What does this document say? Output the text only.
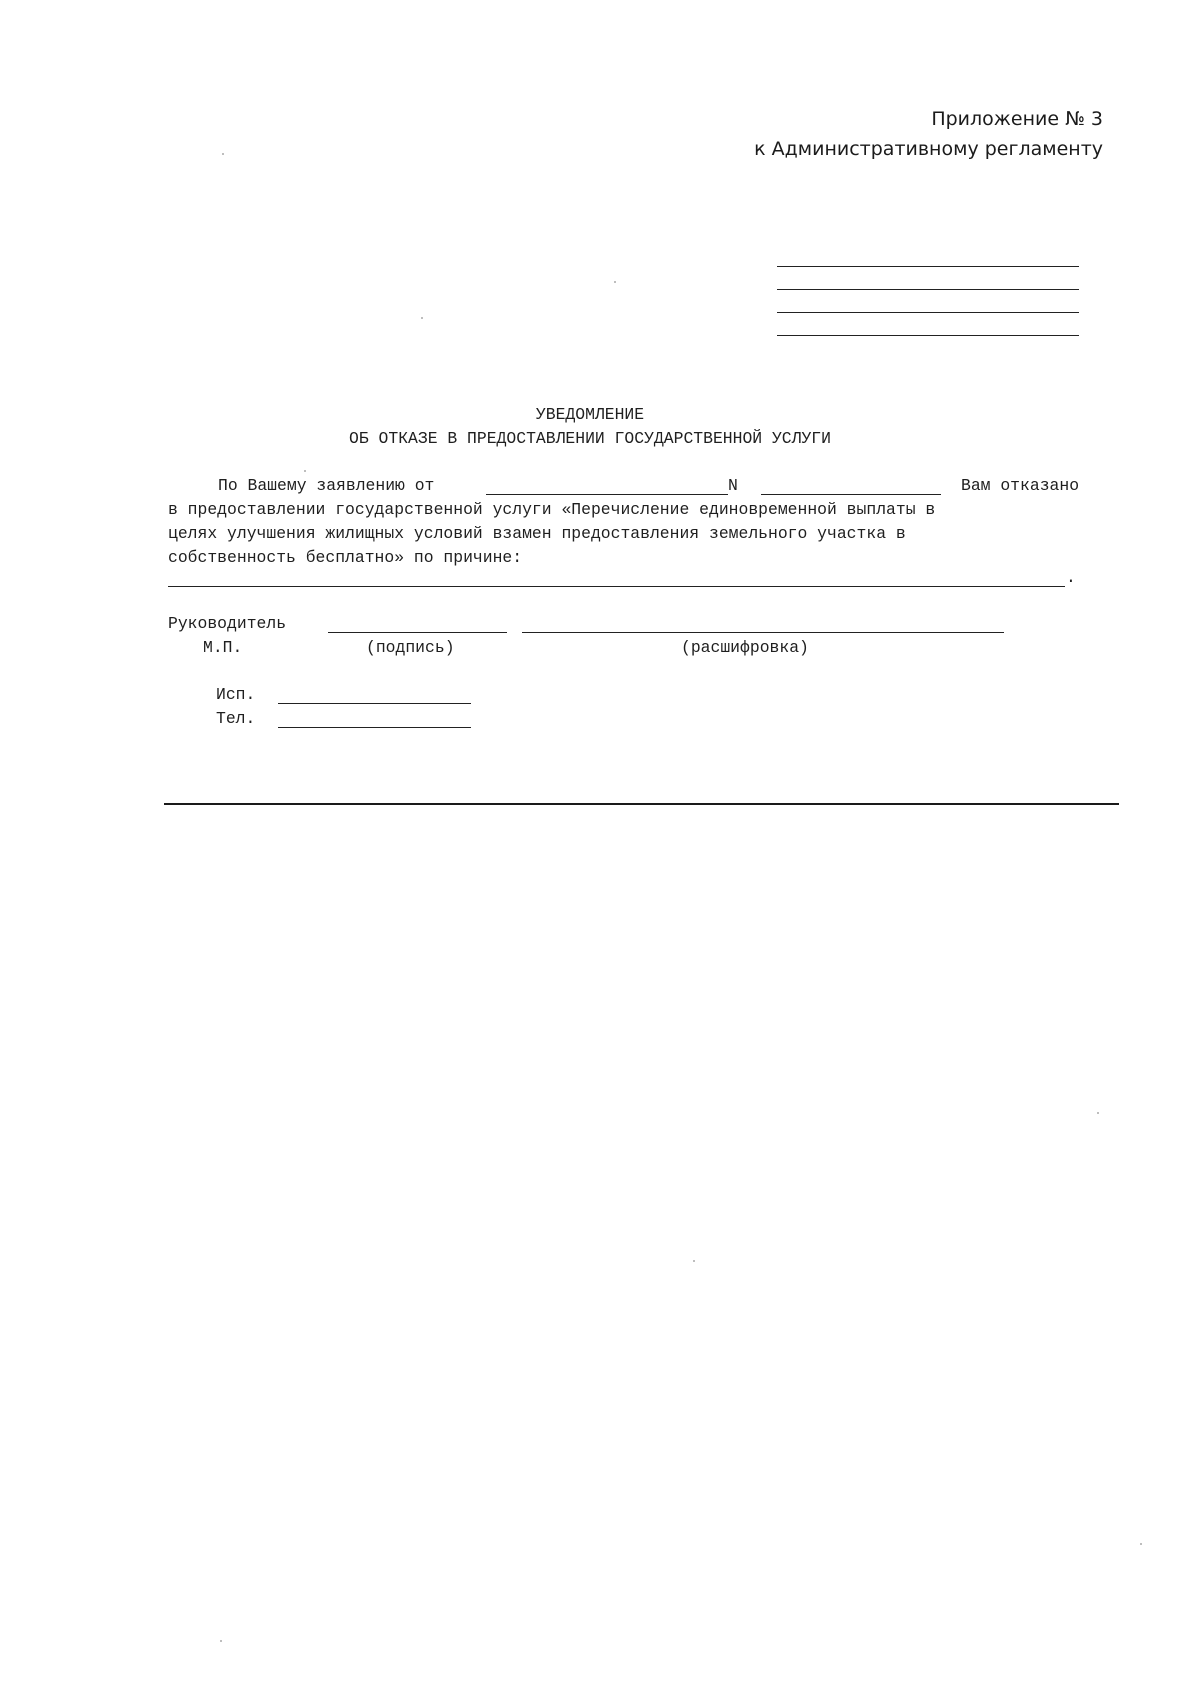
Приложение № 3
к Административному регламенту
УВЕДОМЛЕНИЕ
ОБ ОТКАЗЕ В ПРЕДОСТАВЛЕНИИ ГОСУДАРСТВЕННОЙ УСЛУГИ
По Вашему заявлению от	N	Вам отказано
в предоставлении государственной услуги «Перечисление единовременной выплаты в
целях улучшения жилищных условий взамен предоставления земельного участка в
собственность бесплатно» по причине:
.
Руководитель
М.П.	(подпись)	(расшифровка)
Исп.
Тел.
